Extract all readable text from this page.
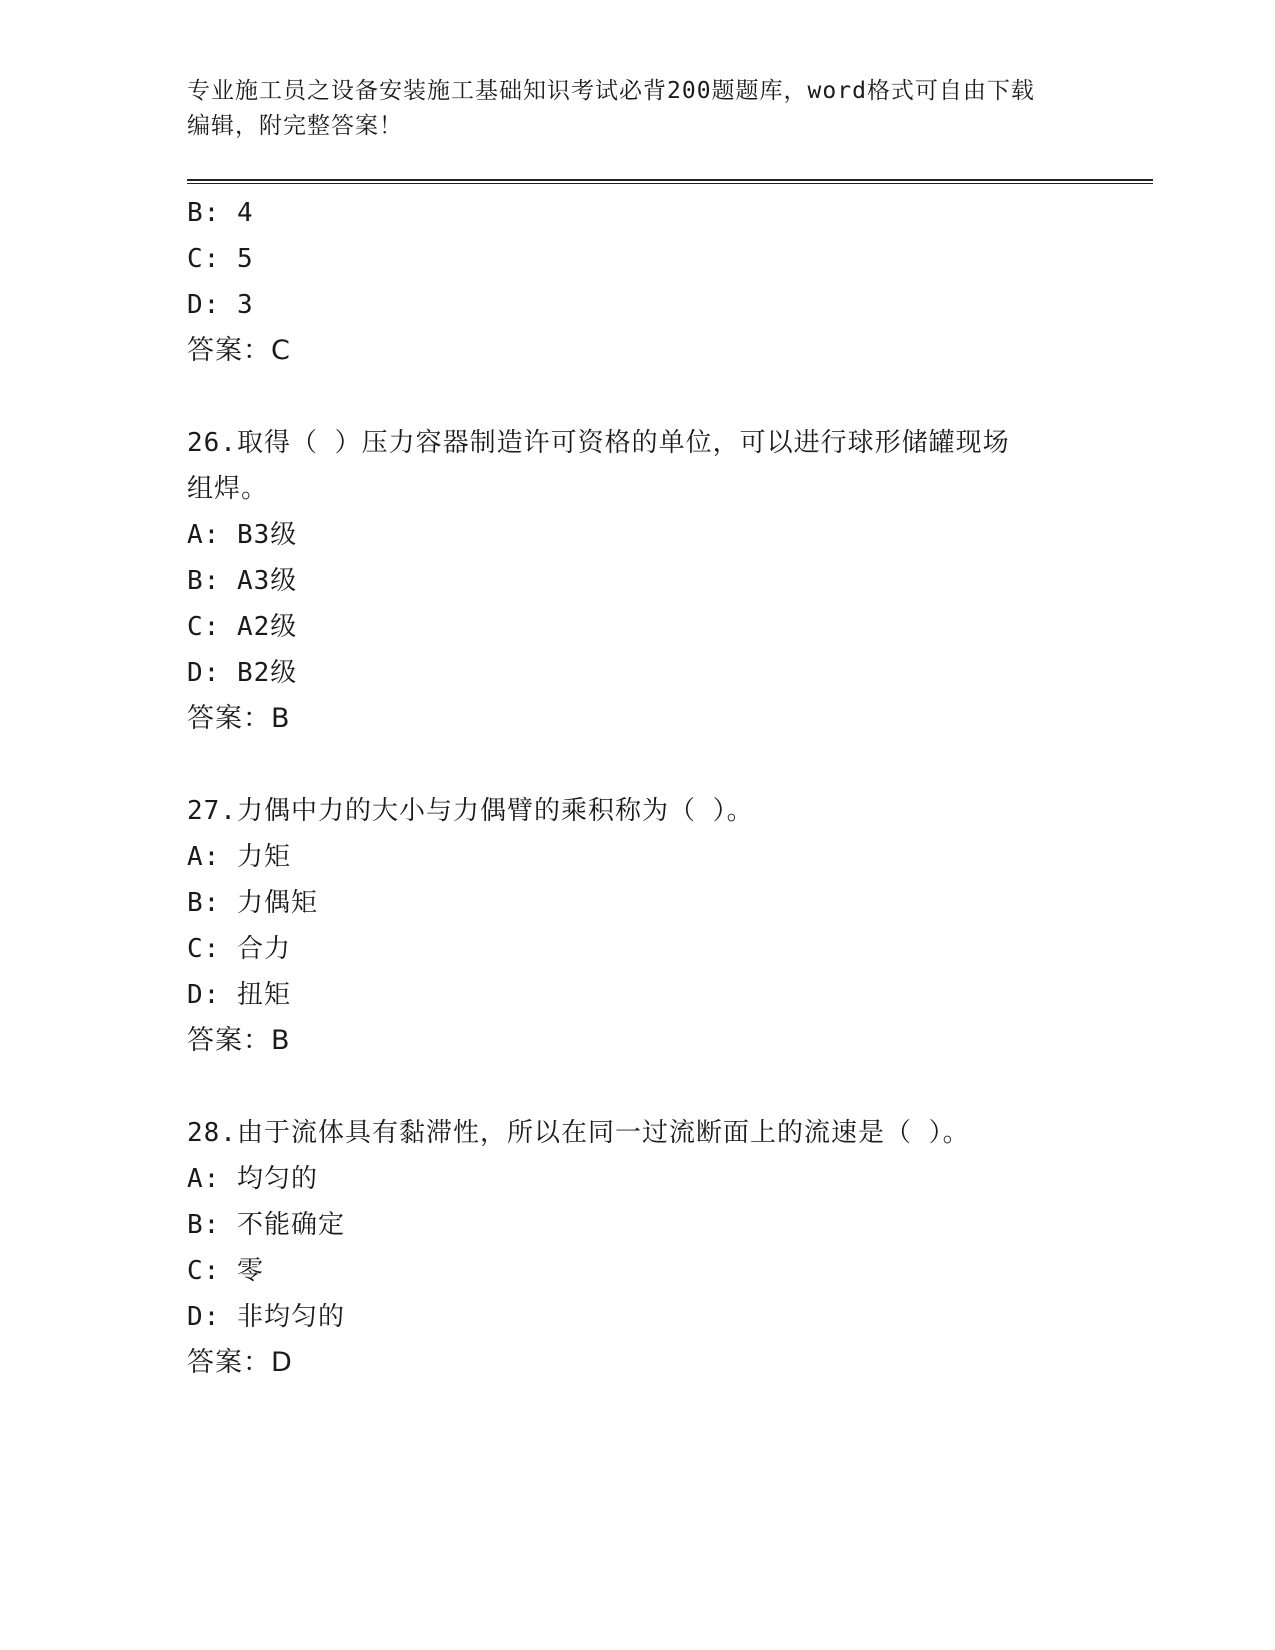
专业施工员之设备安装施工基础知识考试必背200题题库，word格式可自由下载
编辑，附完整答案！
B: 4
C: 5
D: 3
答案：C
26.取得（ ）压力容器制造许可资格的单位，可以进行球形储罐现场
组焊。
A: B3级
B: A3级
C: A2级
D: B2级
答案：B
27.力偶中力的大小与力偶臂的乘积称为（ ）。
A: 力矩
B: 力偶矩
C: 合力
D: 扭矩
答案：B
28.由于流体具有黏滞性，所以在同一过流断面上的流速是（ ）。
A: 均匀的
B: 不能确定
C: 零
D: 非均匀的
答案：D
